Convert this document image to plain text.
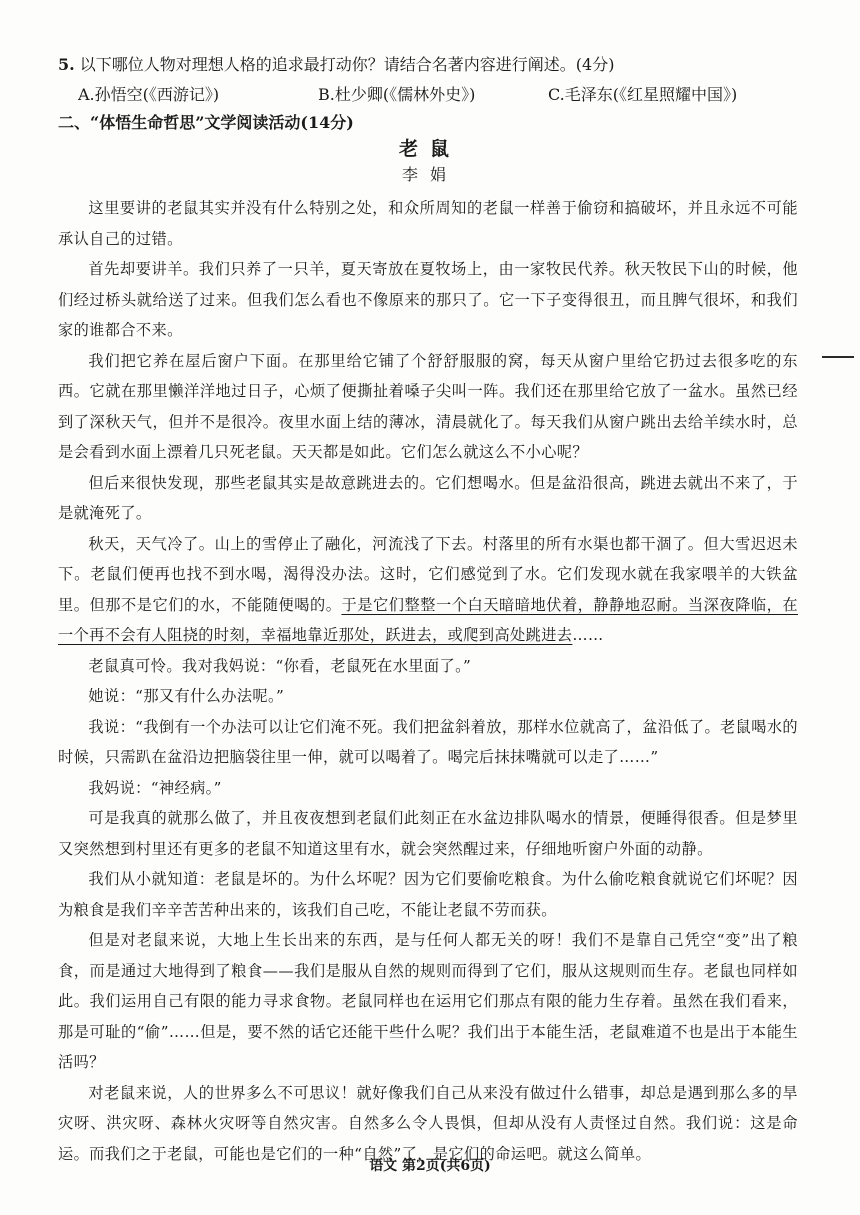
5. 以下哪位人物对理想人格的追求最打动你？请结合名著内容进行阐述。(4分)
A.孙悟空(《西游记》)	B.杜少卿(《儒林外史》)	C.毛泽东(《红星照耀中国》)
二、“体悟生命哲思”文学阅读活动(14分)
老鼠
李娟

这里要讲的老鼠其实并没有什么特别之处，和众所周知的老鼠一样善于偷窃和搞破坏，并且永远不可能承认自己的过错。

首先却要讲羊。我们只养了一只羊，夏天寄放在夏牧场上，由一家牧民代养。秋天牧民下山的时候，他们经过桥头就给送了过来。但我们怎么看也不像原来的那只了。它一下子变得很丑，而且脾气很坏，和我们家的谁都合不来。

我们把它养在屋后窗户下面。在那里给它铺了个舒舒服服的窝，每天从窗户里给它扔过去很多吃的东西。它就在那里懒洋洋地过日子，心烦了便撕扯着嗓子尖叫一阵。我们还在那里给它放了一盆水。虽然已经到了深秋天气，但并不是很冷。夜里水面上结的薄冰，清晨就化了。每天我们从窗户跳出去给羊续水时，总是会看到水面上漂着几只死老鼠。天天都是如此。它们怎么就这么不小心呢？

但后来很快发现，那些老鼠其实是故意跳进去的。它们想喝水。但是盆沿很高，跳进去就出不来了，于是就淹死了。

秋天，天气冷了。山上的雪停止了融化，河流浅了下去。村落里的所有水渠也都干涸了。但大雪迟迟未下。老鼠们便再也找不到水喝，渴得没办法。这时，它们感觉到了水。它们发现水就在我家喂羊的大铁盆里。但那不是它们的水，不能随便喝的。于是它们整整一个白天暗暗地伏着，静静地忍耐。当深夜降临，在一个再不会有人阻挠的时刻，幸福地靠近那处，跃进去，或爬到高处跳进去……

老鼠真可怜。我对我妈说：“你看，老鼠死在水里面了。”

她说：“那又有什么办法呢。”

我说：“我倒有一个办法可以让它们淹不死。我们把盆斜着放，那样水位就高了，盆沿低了。老鼠喝水的时候，只需趴在盆沿边把脑袋往里一伸，就可以喝着了。喝完后抹抹嘴就可以走了……”

我妈说：“神经病。”

可是我真的就那么做了，并且夜夜想到老鼠们此刻正在水盆边排队喝水的情景，便睡得很香。但是梦里又突然想到村里还有更多的老鼠不知道这里有水，就会突然醒过来，仔细地听窗户外面的动静。

我们从小就知道：老鼠是坏的。为什么坏呢？因为它们要偷吃粮食。为什么偷吃粮食就说它们坏呢？因为粮食是我们辛辛苦苦种出来的，该我们自己吃，不能让老鼠不劳而获。

但是对老鼠来说，大地上生长出来的东西，是与任何人都无关的呀！我们不是靠自己凭空“变”出了粮食，而是通过大地得到了粮食——我们是服从自然的规则而得到了它们，服从这规则而生存。老鼠也同样如此。我们运用自己有限的能力寻求食物。老鼠同样也在运用它们那点有限的能力生存着。虽然在我们看来，那是可耻的“偷”……但是，要不然的话它还能干些什么呢？我们出于本能生活，老鼠难道不也是出于本能生活吗？

对老鼠来说，人的世界多么不可思议！就好像我们自己从来没有做过什么错事，却总是遇到那么多的旱灾呀、洪灾呀、森林火灾呀等自然灾害。自然多么令人畏惧，但却从没有人责怪过自然。我们说：这是命运。而我们之于老鼠，可能也是它们的一种“自然”了，是它们的命运吧。就这么简单。

语文 第2页(共6页)
